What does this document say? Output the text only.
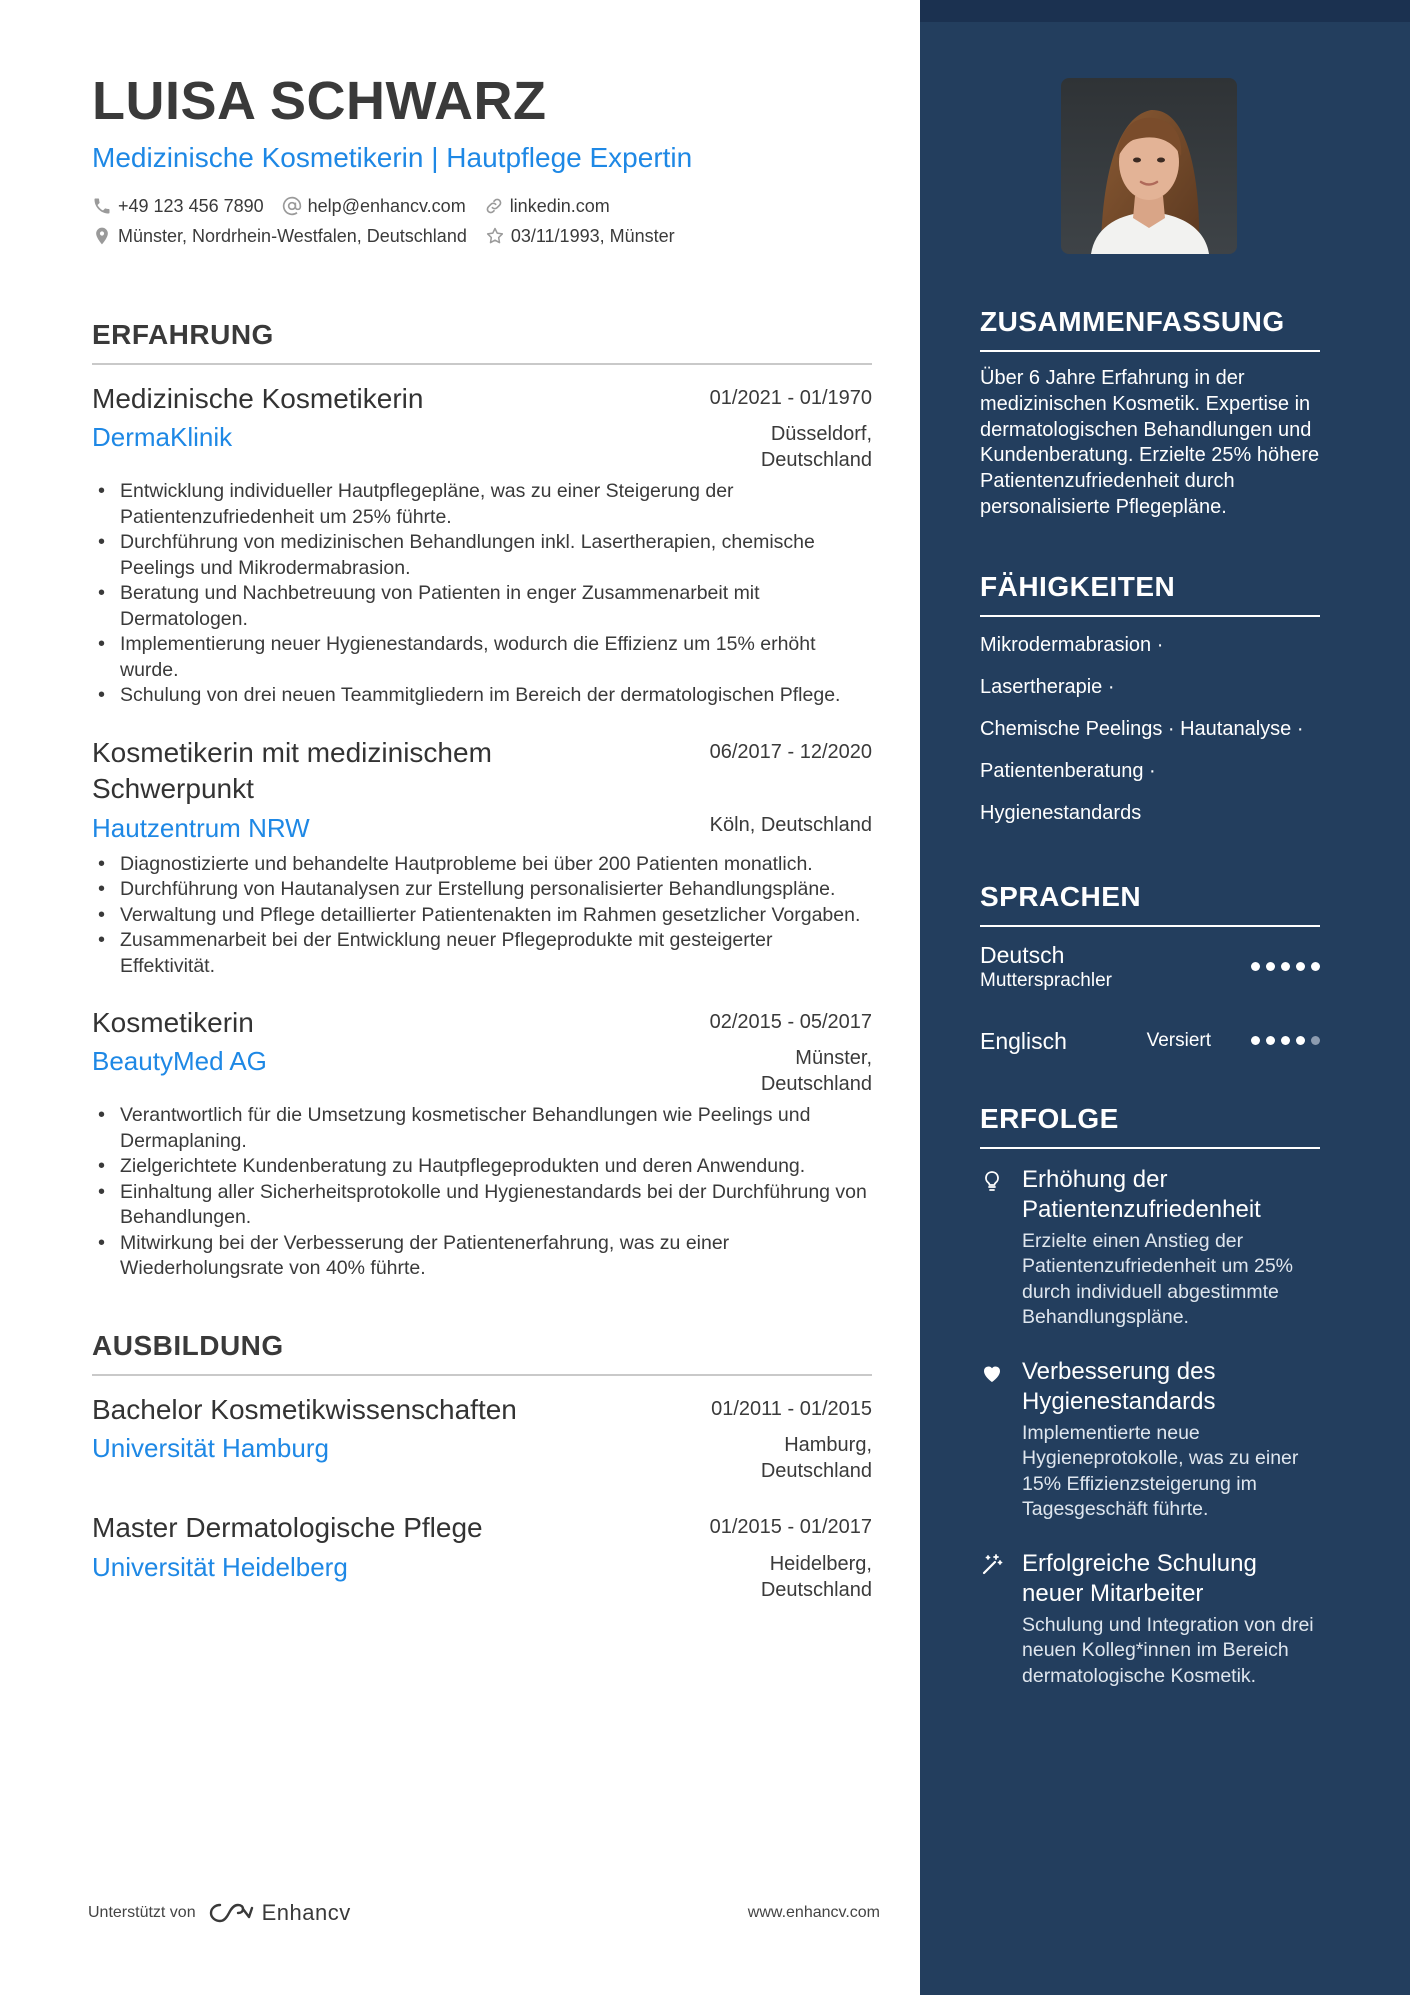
LUISA SCHWARZ
Medizinische Kosmetikerin | Hautpflege Expertin
+49 123 456 7890 help@enhancv.com linkedin.com
Münster, Nordrhein-Westfalen, Deutschland 03/11/1993, Münster
ERFAHRUNG
Medizinische Kosmetikerin	01/2021 - 01/1970
DermaKlinik	Düsseldorf, Deutschland
• Entwicklung individueller Hautpflegepläne, was zu einer Steigerung der Patientenzufriedenheit um 25% führte.
• Durchführung von medizinischen Behandlungen inkl. Lasertherapien, chemische Peelings und Mikrodermabrasion.
• Beratung und Nachbetreuung von Patienten in enger Zusammenarbeit mit Dermatologen.
• Implementierung neuer Hygienestandards, wodurch die Effizienz um 15% erhöht wurde.
• Schulung von drei neuen Teammitgliedern im Bereich der dermatologischen Pflege.
Kosmetikerin mit medizinischem Schwerpunkt
06/2017 - 12/2020
Hautzentrum NRW	Köln, Deutschland
• Diagnostizierte und behandelte Hautprobleme bei über 200 Patienten monatlich.
• Durchführung von Hautanalysen zur Erstellung personalisierter Behandlungspläne.
• Verwaltung und Pflege detaillierter Patientenakten im Rahmen gesetzlicher Vorgaben.
• Zusammenarbeit bei der Entwicklung neuer Pflegeprodukte mit gesteigerter Effektivität.
Kosmetikerin	02/2015 - 05/2017
BeautyMed AG	Münster, Deutschland
• Verantwortlich für die Umsetzung kosmetischer Behandlungen wie Peelings und Dermaplaning.
• Zielgerichtete Kundenberatung zu Hautpflegeprodukten und deren Anwendung.
• Einhaltung aller Sicherheitsprotokolle und Hygienestandards bei der Durchführung von Behandlungen.
• Mitwirkung bei der Verbesserung der Patientenerfahrung, was zu einer Wiederholungsrate von 40% führte.
AUSBILDUNG
Bachelor Kosmetikwissenschaften	01/2011 - 01/2015
Universität Hamburg	Hamburg, Deutschland
Master Dermatologische Pflege	01/2015 - 01/2017
Universität Heidelberg	Heidelberg, Deutschland
Unterstützt von	Enhancv	www.enhancv.com
ZUSAMMENFASSUNG

Über 6 Jahre Erfahrung in der medizinischen Kosmetik. Expertise in dermatologischen Behandlungen und Kundenberatung. Erzielte 25% höhere Patientenzufriedenheit durch personalisierte Pflegepläne.

FÄHIGKEITEN
Mikrodermabrasion ·
Lasertherapie ·
Chemische Peelings · Hautanalyse ·
Patientenberatung ·
Hygienestandards
SPRACHEN
Deutsch
Muttersprachler
Englisch	Versiert
ERFOLGE
Erhöhung der Patientenzufriedenheit
Erzielte einen Anstieg der Patientenzufriedenheit um 25% durch individuell abgestimmte Behandlungspläne.
Verbesserung des Hygienestandards
Implementierte neue Hygieneprotokolle, was zu einer 15% Effizienzsteigerung im Tagesgeschäft führte.
Erfolgreiche Schulung neuer Mitarbeiter
Schulung und Integration von drei neuen Kolleg*innen im Bereich dermatologische Kosmetik.
